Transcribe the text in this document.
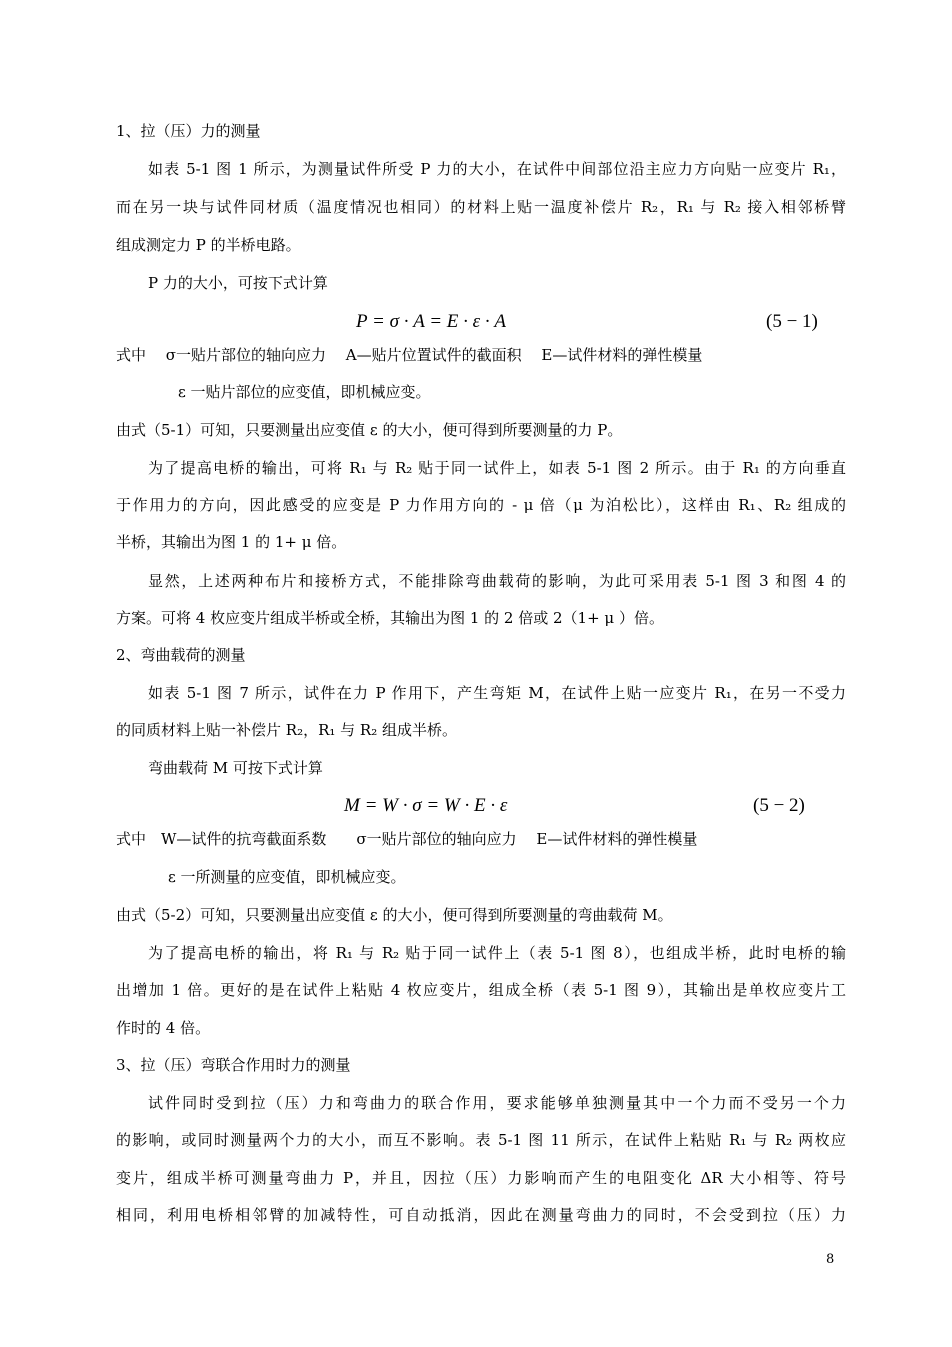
1、拉（压）力的测量
如表 5-1 图 1 所示，为测量试件所受 P 力的大小，在试件中间部位沿主应力方向贴一应变片 R₁，
而在另一块与试件同材质（温度情况也相同）的材料上贴一温度补偿片 R₂，R₁ 与 R₂ 接入相邻桥臂
组成测定力 P 的半桥电路。
P 力的大小，可按下式计算
P = σ · A = E · ε · A	(5 − 1)
式中　 σ一贴片部位的轴向应力　 A—贴片位置试件的截面积　 E—试件材料的弹性模量
ε 一贴片部位的应变值，即机械应变。
由式（5-1）可知，只要测量出应变值 ε 的大小，便可得到所要测量的力 P。
为了提高电桥的输出，可将 R₁ 与 R₂ 贴于同一试件上，如表 5-1 图 2 所示。由于 R₁ 的方向垂直
于作用力的方向，因此感受的应变是 P 力作用方向的 - μ 倍（μ 为泊松比），这样由 R₁、R₂ 组成的
半桥，其输出为图 1 的 1+ μ 倍。
显然，上述两种布片和接桥方式，不能排除弯曲载荷的影响，为此可采用表 5-1 图 3 和图 4 的
方案。可将 4 枚应变片组成半桥或全桥，其输出为图 1 的 2 倍或 2（1+ μ ）倍。
2、弯曲载荷的测量
如表 5-1 图 7 所示，试件在力 P 作用下，产生弯矩 M，在试件上贴一应变片 R₁，在另一不受力
的同质材料上贴一补偿片 R₂，R₁ 与 R₂ 组成半桥。
弯曲载荷 M 可按下式计算
M = W · σ = W · E · ε	(5 − 2)
式中　W—试件的抗弯截面系数　　σ一贴片部位的轴向应力　 E—试件材料的弹性模量
ε 一所测量的应变值，即机械应变。
由式（5-2）可知，只要测量出应变值 ε 的大小，便可得到所要测量的弯曲载荷 M。
为了提高电桥的输出，将 R₁ 与 R₂ 贴于同一试件上（表 5-1 图 8），也组成半桥，此时电桥的输
出增加 1 倍。更好的是在试件上粘贴 4 枚应变片，组成全桥（表 5-1 图 9），其输出是单枚应变片工
作时的 4 倍。
3、拉（压）弯联合作用时力的测量
试件同时受到拉（压）力和弯曲力的联合作用，要求能够单独测量其中一个力而不受另一个力
的影响，或同时测量两个力的大小，而互不影响。表 5-1 图 11 所示，在试件上粘贴 R₁ 与 R₂ 两枚应
变片，组成半桥可测量弯曲力 P，并且，因拉（压）力影响而产生的电阻变化 ΔR 大小相等、符号
相同，利用电桥相邻臂的加减特性，可自动抵消，因此在测量弯曲力的同时，不会受到拉（压）力
8
